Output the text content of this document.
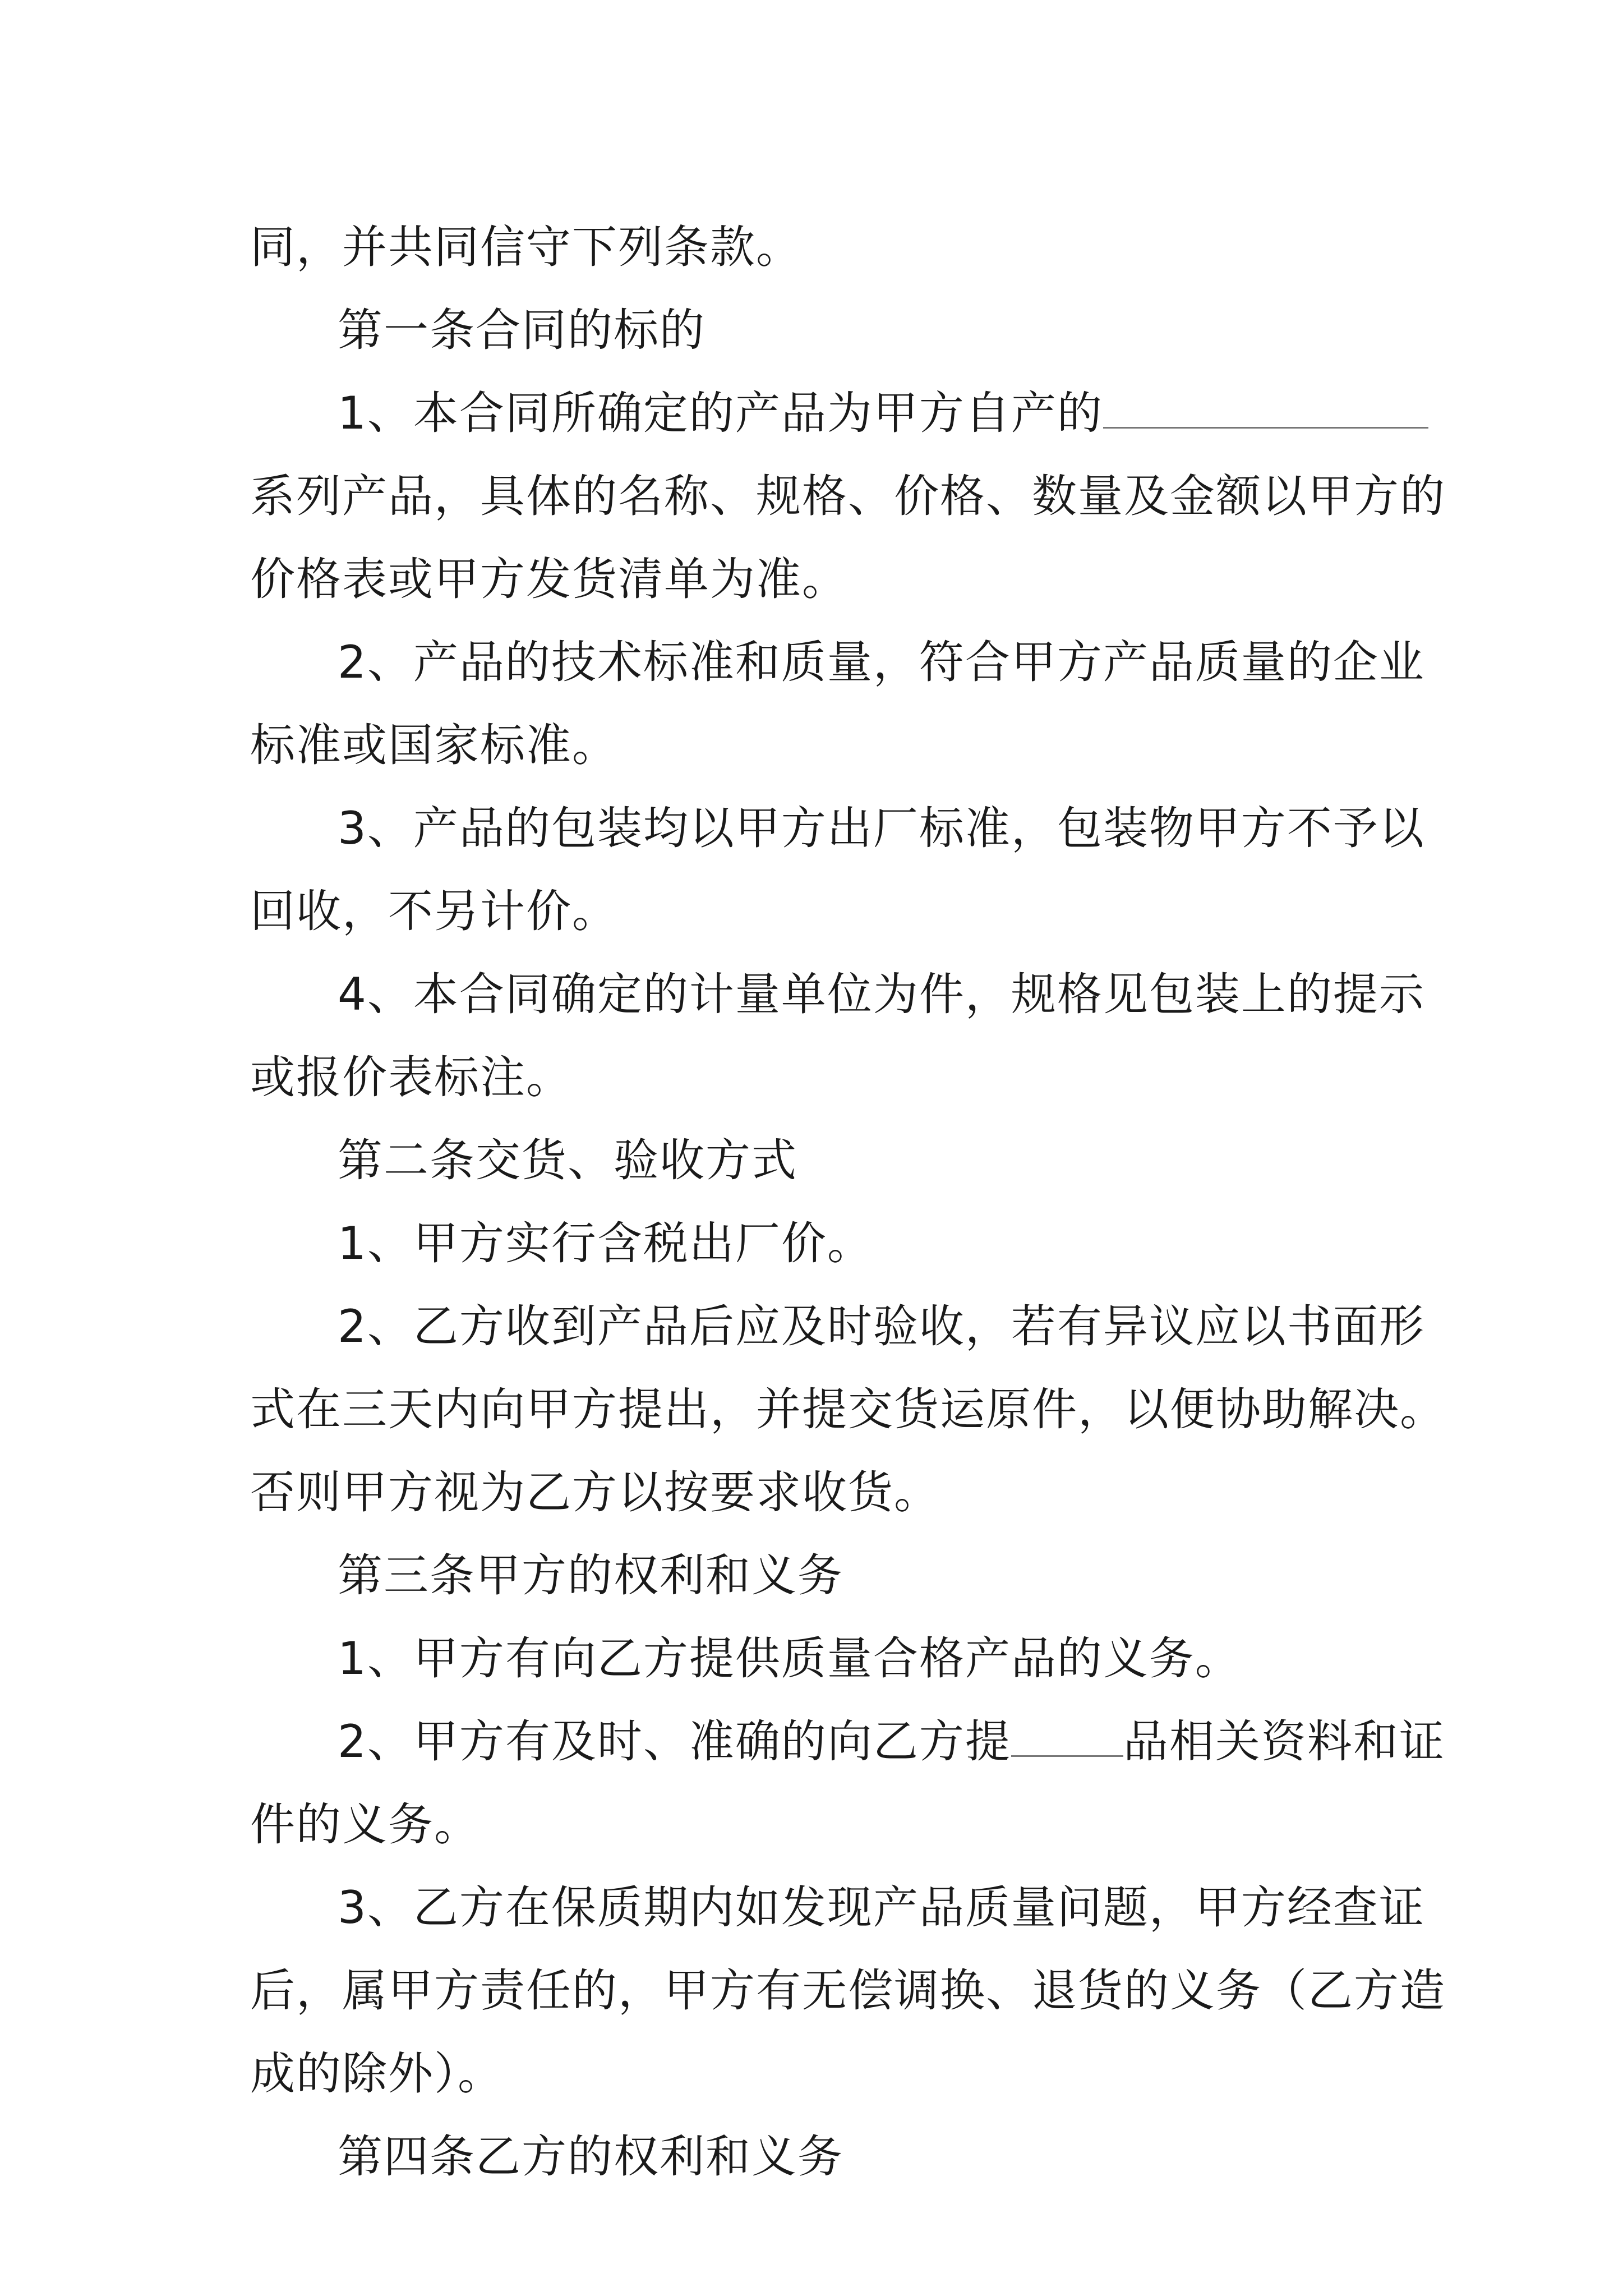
同，并共同信守下列条款。
第一条合同的标的
1、本合同所确定的产品为甲方自产的
系列产品，具体的名称、规格、价格、数量及金额以甲方的
价格表或甲方发货清单为准。
2、产品的技术标准和质量，符合甲方产品质量的企业
标准或国家标准。
3、产品的包装均以甲方出厂标准，包装物甲方不予以
回收，不另计价。
4、本合同确定的计量单位为件，规格见包装上的提示
或报价表标注。
第二条交货、验收方式
1、甲方实行含税出厂价。
2、乙方收到产品后应及时验收，若有异议应以书面形
式在三天内向甲方提出，并提交货运原件，以便协助解决。
否则甲方视为乙方以按要求收货。
第三条甲方的权利和义务
1、甲方有向乙方提供质量合格产品的义务。
2、甲方有及时、准确的向乙方提	品相关资料和证
件的义务。
3、乙方在保质期内如发现产品质量问题，甲方经查证
后，属甲方责任的，甲方有无偿调换、退货的义务（乙方造
成的除外）。
第四条乙方的权利和义务
